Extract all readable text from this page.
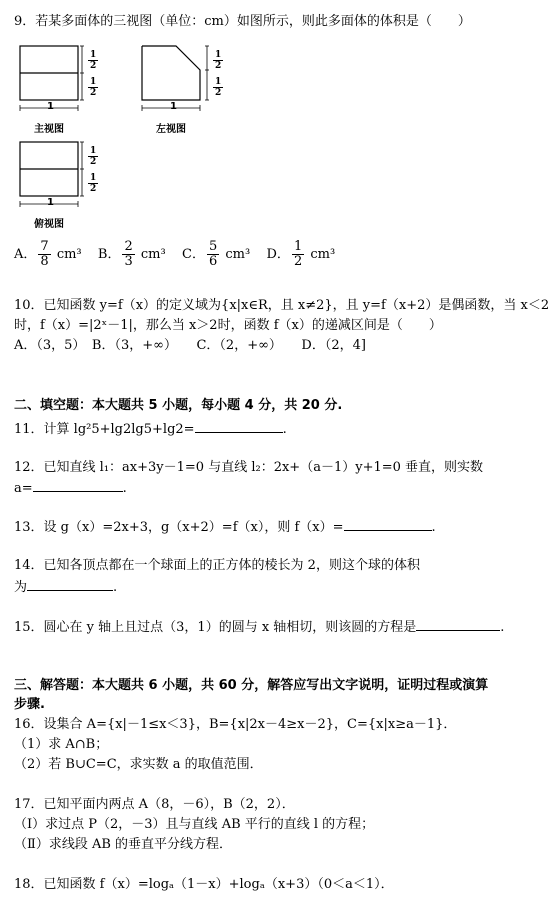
9．若某多面体的三视图（单位：cm）如图所示，则此多面体的体积是（　　）
$\frac{1}{2}$
$\frac{1}{2}$
1
主视图
$\frac{1}{2}$
$\frac{1}{2}$
1
左视图
$\frac{1}{2}$
$\frac{1}{2}$
1
俯视图
A． $\frac{7}{8} cm^3$ B． $\frac{2}{3} cm^3$ C． $\frac{5}{6} cm^3$ D． $\frac{1}{2} cm^3$
10．已知函数 y=f（x）的定义域为{x|x∈R，且 x≠2}，且 y=f（x+2）是偶函数，当 x＜2
时，f（x）=|2ˣ－1|，那么当 x＞2时，函数 f（x）的递减区间是（　　）
A．（3，5）　B．（3，+∞）　　C．（2，+∞）　　D．（2，4]
二、填空题：本大题共 5 小题，每小题 4 分，共 20 分.
11．计算 lg²5+lg2lg5+lg2=	.
12．已知直线 l₁：ax+3y－1=0 与直线 l₂：2x+（a－1）y+1=0 垂直，则实数
a=	.
13．设 g（x）=2x+3，g（x+2）=f（x），则 f（x）=	.
14．已知各顶点都在一个球面上的正方体的棱长为 2，则这个球的体积
为	.
15．圆心在 y 轴上且过点（3，1）的圆与 x 轴相切，则该圆的方程是	.
三、解答题：本大题共 6 小题，共 60 分，解答应写出文字说明，证明过程或演算
步骤.
16．设集合 A={x|－1≤x＜3}，B={x|2x－4≥x－2}，C={x|x≥a－1}．
（1）求 A∩B；
（2）若 B∪C=C，求实数 a 的取值范围．
17．已知平面内两点 A（8，－6），B（2，2）．
（Ⅰ）求过点 P（2，－3）且与直线 AB 平行的直线 l 的方程；
（Ⅱ）求线段 AB 的垂直平分线方程．
18．已知函数 f（x）=logₐ（1－x）+logₐ（x+3）（0＜a＜1）．
